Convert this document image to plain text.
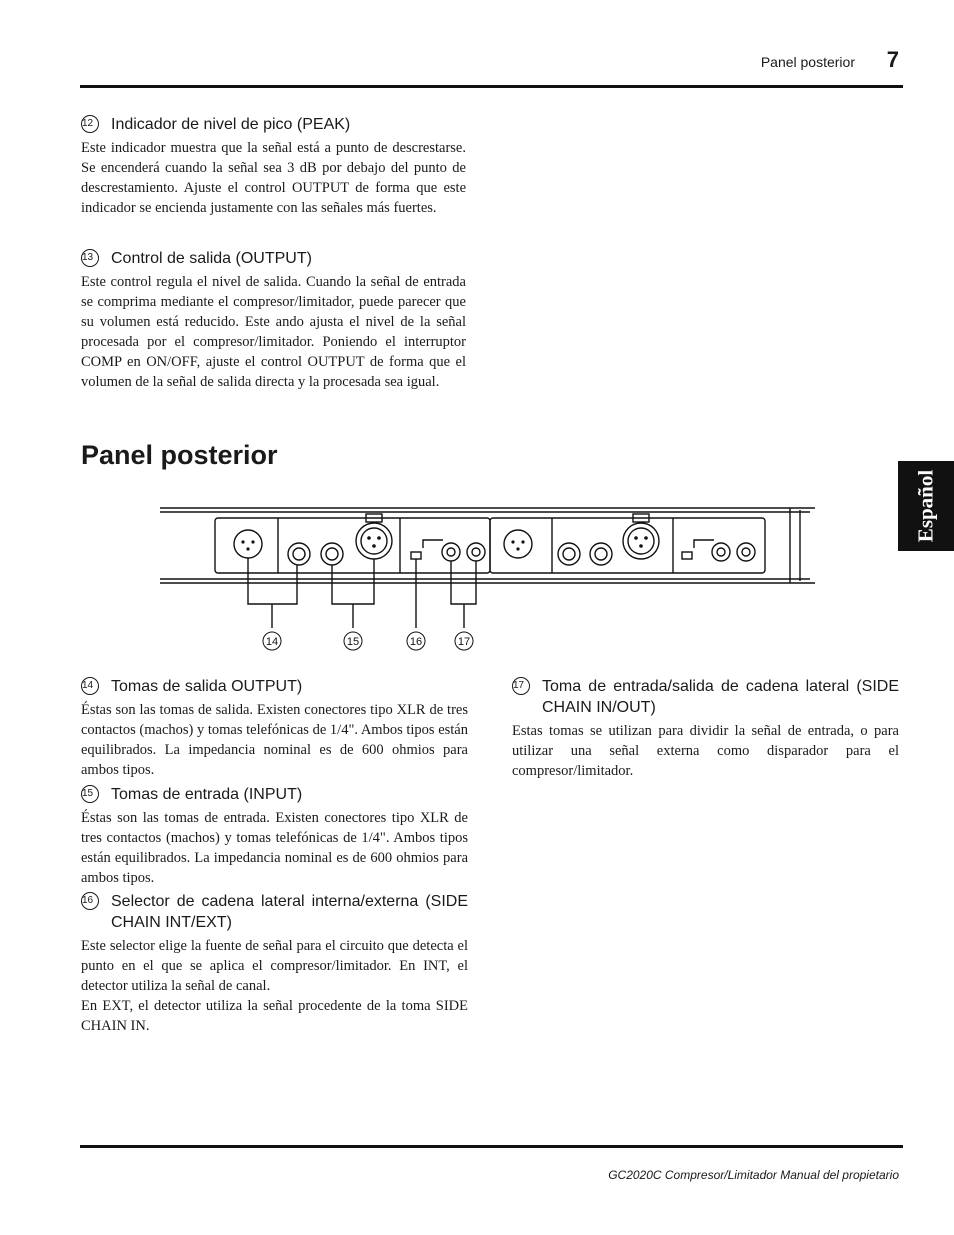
Panel posterior 7
Español
12	Indicador de nivel de pico (PEAK)

Este indicador muestra que la señal está a punto de descrestarse. Se encenderá cuando la señal sea 3 dB por debajo del punto de descrestamiento. Ajuste el control OUTPUT de forma que este indicador se encienda justamente con las señales más fuertes.

13	Control de salida (OUTPUT)

Este control regula el nivel de salida. Cuando la señal de entrada se comprima mediante el compresor/limitador, puede parecer que su volumen está reducido. Este ando ajusta el nivel de la señal procesada por el compresor/limitador. Poniendo el interruptor COMP en ON/OFF, ajuste el control OUTPUT de forma que el volumen de la señal de salida directa y la procesada sea igual.

Panel posterior
14	15	16	17
14	Tomas de salida OUTPUT)

Éstas son las tomas de salida. Existen conectores tipo XLR de tres contactos (machos) y tomas telefónicas de 1/4". Ambos tipos están equilibrados. La impedancia nominal es de 600 ohmios para ambos tipos.

15	Tomas de entrada (INPUT)

Éstas son las tomas de entrada. Existen conectores tipo XLR de tres contactos (machos) y tomas telefónicas de 1/4". Ambos tipos están equilibrados. La impedancia nominal es de 600 ohmios para ambos tipos.

16	Selector de cadena lateral interna/externa (SIDE CHAIN INT/EXT)

Este selector elige la fuente de señal para el circuito que detecta el punto en el que se aplica el compresor/limitador. En INT, el detector utiliza la señal de canal.

En EXT, el detector utiliza la señal procedente de la toma SIDE CHAIN IN.

17	Toma de entrada/salida de cadena lateral (SIDE CHAIN IN/OUT)

Estas tomas se utilizan para dividir la señal de entrada, o para utilizar una señal externa como disparador para el compresor/limitador.

GC2020C Compresor/Limitador Manual del propietario
